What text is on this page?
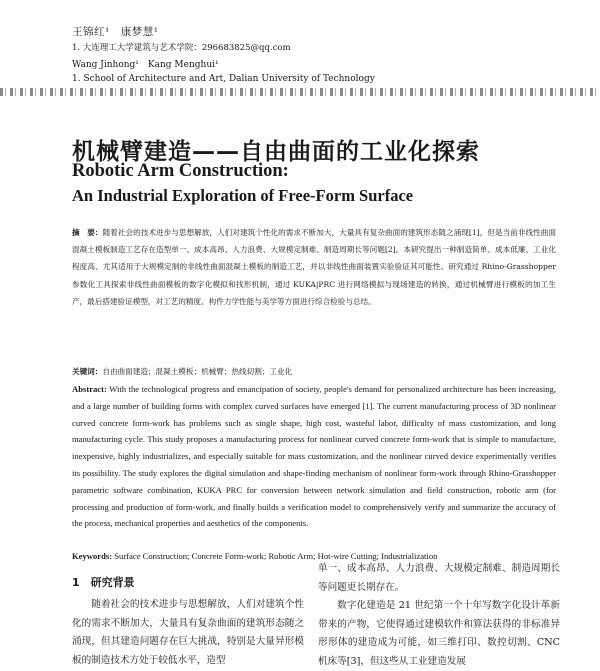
王锦红¹　康梦慧¹
1. 大连理工大学建筑与艺术学院：296683825@qq.com
Wang Jinhong¹　Kang Menghui¹
1. School of Architecture and Art, Dalian University of Technology
机械臂建造——自由曲面的工业化探索
Robotic Arm Construction:
An Industrial Exploration of Free-Form Surface
摘　要：随着社会的技术进步与思想解放，人们对建筑个性化的需求不断加大，大量具有复杂曲面的建筑形态随之涌现[1]，但是当前非线性曲面混凝土模板制造工艺存在造型单一、成本高昂、人力浪费、大规模定制难、制造周期长等问题[2]。本研究提出一种制造简单、成本低廉、工业化程度高、尤其适用于大规模定制的非线性曲面混凝土模板的制造工艺，并以非线性曲面装置实验验证其可能性。研究通过 Rhino-Grasshopper 参数化工具探索非线性曲面模板的数字化模拟和找形机制，通过 KUKA|PRC 进行网络模拟与现场建造的转换，通过机械臂进行模板的加工生产，最后搭建验证模型，对工艺的精度、构件力学性能与美学等方面进行综合检验与总结。
关键词：自由曲面建造；混凝土模板；机械臂；热线切割；工业化
Abstract: With the technological progress and emancipation of society, people's demand for personalized architecture has been increasing, and a large number of building forms with complex curved surfaces have emerged [1]. The current manufacturing process of 3D nonlinear curved concrete form-work has problems such as single shape, high cost, wasteful labor, difficulty of mass customization, and long manufacturing cycle. This study proposes a manufacturing process for nonlinear curved concrete form-work that is simple to manufacture, inexpensive, highly industrializes, and especially suitable for mass customization, and the nonlinear curved device experimentally verifies its possibility. The study explores the digital simulation and shape-finding mechanism of nonlinear form-work through Rhino-Grasshopper parametric software combination, KUKA PRC for conversion between network simulation and field construction, robotic arm (for processing and production of form-work, and finally builds a verification model to comprehensively verify and summarize the accuracy of the process, mechanical properties and aesthetics of the components.
Keywords: Surface Construction; Concrete Form-work; Robotic Arm; Hot-wire Cutting; Industrialization
1　研究背景
随着社会的技术进步与思想解放，人们对建筑个性化的需求不断加大，大量具有复杂曲面的建筑形态随之涌现，但其建造问题存在巨大挑战，特别是大量异形模板的制造技术方处于较低水平，造型

单一、成本高昂、人力浪费、大规模定制难、制造周期长等问题更长期存在。

数字化建造是 21 世纪第一个十年写数字化设计革新带来的产物，它使得通过建模软件和算法获得的非标准异形形体的建造成为可能，如三维打印、数控切割、CNC 机床等[3]，但这些从工业建造发展
